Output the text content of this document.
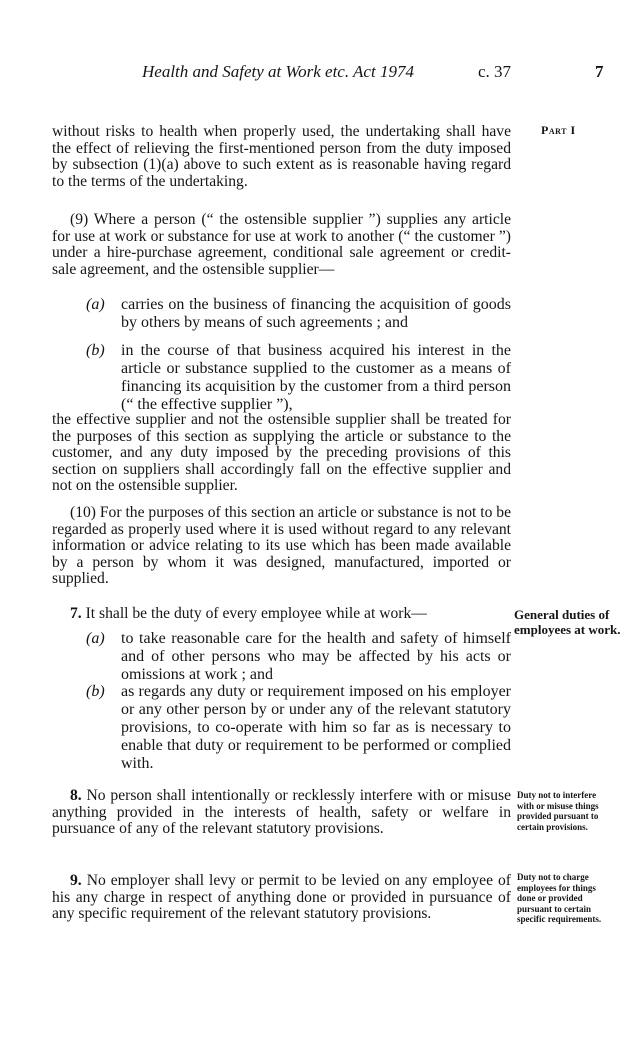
Health and Safety at Work etc. Act 1974	c. 37	7
Part I

without risks to health when properly used, the undertaking shall have the effect of relieving the first-mentioned person from the duty imposed by subsection (1)(a) above to such extent as is reasonable having regard to the terms of the undertaking.

(9) Where a person (“ the ostensible supplier ”) supplies any article for use at work or substance for use at work to another (“ the customer ”) under a hire-purchase agreement, conditional sale agreement or credit-sale agreement, and the ostensible supplier—

(a) carries on the business of financing the acquisition of goods by others by means of such agreements ; and
(b) in the course of that business acquired his interest in the article or substance supplied to the customer as a means of financing its acquisition by the customer from a third person (“ the effective supplier ”),

the effective supplier and not the ostensible supplier shall be treated for the purposes of this section as supplying the article or substance to the customer, and any duty imposed by the preceding provisions of this section on suppliers shall accordingly fall on the effective supplier and not on the ostensible supplier.

(10) For the purposes of this section an article or substance is not to be regarded as properly used where it is used without regard to any relevant information or advice relating to its use which has been made available by a person by whom it was designed, manufactured, imported or supplied.

7. It shall be the duty of every employee while at work—	General duties of employees at work.
(a) to take reasonable care for the health and safety of himself and of other persons who may be affected by his acts or omissions at work ; and
(b) as regards any duty or requirement imposed on his employer or any other person by or under any of the relevant statutory provisions, to co-operate with him so far as is necessary to enable that duty or requirement to be performed or complied with.

8. No person shall intentionally or recklessly interfere with or misuse anything provided in the interests of health, safety or welfare in pursuance of any of the relevant statutory provisions.

Duty not to interfere with or misuse things provided pursuant to certain provisions.

9. No employer shall levy or permit to be levied on any employee of his any charge in respect of anything done or provided in pursuance of any specific requirement of the relevant statutory provisions.

Duty not to charge employees for things done or provided pursuant to certain specific requirements.
